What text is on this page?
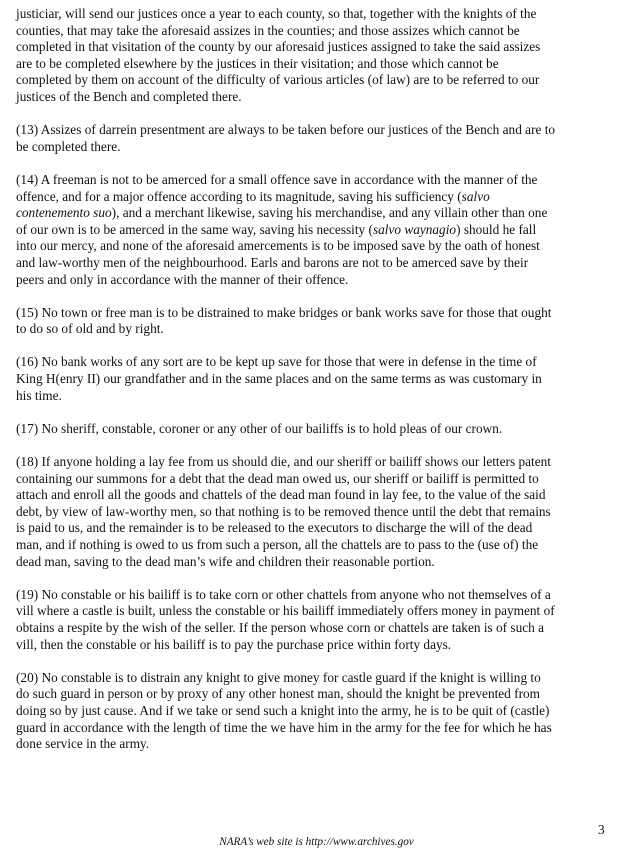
justiciar, will send our justices once a year to each county, so that, together with the knights of the
counties, that may take the aforesaid assizes in the counties; and those assizes which cannot be
completed in that visitation of the county by our aforesaid justices assigned to take the said assizes
are to be completed elsewhere by the justices in their visitation; and those which cannot be
completed by them on account of the difficulty of various articles (of law) are to be referred to our
justices of the Bench and completed there.

(13) Assizes of darrein presentment are always to be taken before our justices of the Bench and are to
be completed there.

(14) A freeman is not to be amerced for a small offence save in accordance with the manner of the
offence, and for a major offence according to its magnitude, saving his sufficiency (salvo
contenemento suo), and a merchant likewise, saving his merchandise, and any villain other than one
of our own is to be amerced in the same way, saving his necessity (salvo waynagio) should he fall
into our mercy, and none of the aforesaid amercements is to be imposed save by the oath of honest
and law-worthy men of the neighbourhood. Earls and barons are not to be amerced save by their
peers and only in accordance with the manner of their offence.

(15) No town or free man is to be distrained to make bridges or bank works save for those that ought
to do so of old and by right.

(16) No bank works of any sort are to be kept up save for those that were in defense in the time of
King H(enry II) our grandfather and in the same places and on the same terms as was customary in
his time.

(17) No sheriff, constable, coroner or any other of our bailiffs is to hold pleas of our crown.

(18) If anyone holding a lay fee from us should die, and our sheriff or bailiff shows our letters patent
containing our summons for a debt that the dead man owed us, our sheriff or bailiff is permitted to
attach and enroll all the goods and chattels of the dead man found in lay fee, to the value of the said
debt, by view of law-worthy men, so that nothing is to be removed thence until the debt that remains
is paid to us, and the remainder is to be released to the executors to discharge the will of the dead
man, and if nothing is owed to us from such a person, all the chattels are to pass to the (use of) the
dead man, saving to the dead man’s wife and children their reasonable portion.

(19) No constable or his bailiff is to take corn or other chattels from anyone who not themselves of a
vill where a castle is built, unless the constable or his bailiff immediately offers money in payment of
obtains a respite by the wish of the seller. If the person whose corn or chattels are taken is of such a
vill, then the constable or his bailiff is to pay the purchase price within forty days.

(20) No constable is to distrain any knight to give money for castle guard if the knight is willing to
do such guard in person or by proxy of any other honest man, should the knight be prevented from
doing so by just cause. And if we take or send such a knight into the army, he is to be quit of (castle)
guard in accordance with the length of time the we have him in the army for the fee for which he has
done service in the army.

3
NARA’s web site is http://www.archives.gov
